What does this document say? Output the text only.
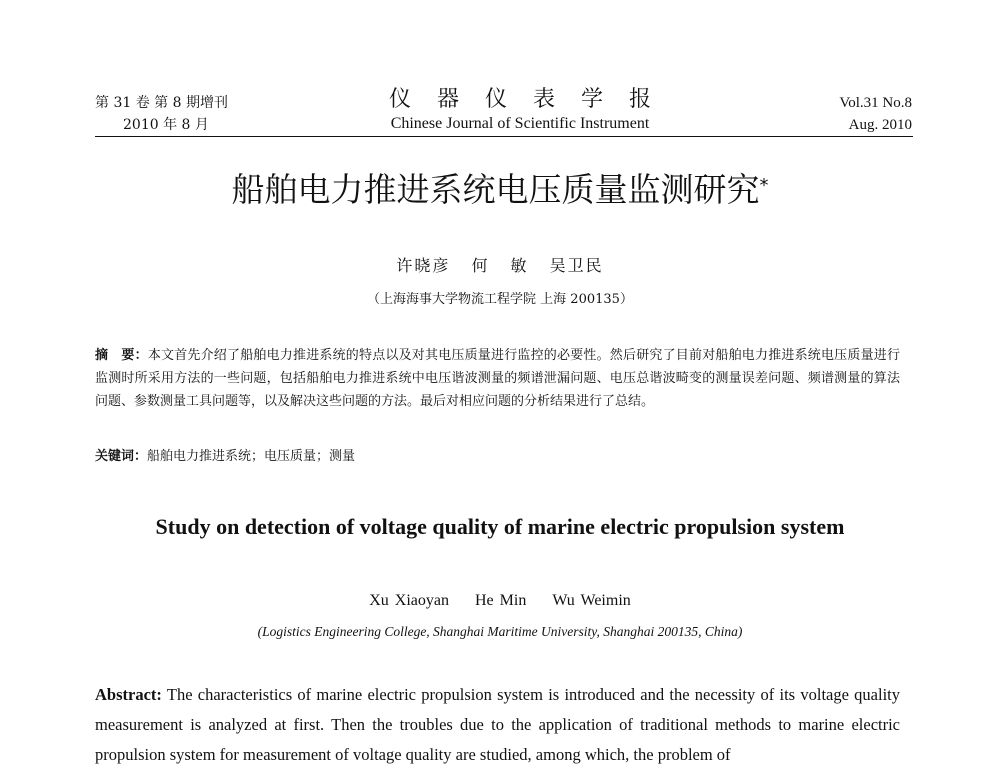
第 31 卷 第 8 期增刊
2010 年 8 月
仪器仪表学报
Chinese Journal of Scientific Instrument
Vol.31 No.8
Aug. 2010
船舶电力推进系统电压质量监测研究*
许晓彦 何 敏 吴卫民
（上海海事大学物流工程学院 上海 200135）
摘　要：本文首先介绍了船舶电力推进系统的特点以及对其电压质量进行监控的必要性。然后研究了目前对船舶电力推进系统电压质量进行监测时所采用方法的一些问题，包括船舶电力推进系统中电压谐波测量的频谱泄漏问题、电压总谐波畸变的测量误差问题、频谱测量的算法问题、参数测量工具问题等，以及解决这些问题的方法。最后对相应问题的分析结果进行了总结。
关键词：船舶电力推进系统；电压质量；测量
Study on detection of voltage quality of marine electric propulsion system
Xu Xiaoyan He Min Wu Weimin
(Logistics Engineering College, Shanghai Maritime University, Shanghai 200135, China)
Abstract: The characteristics of marine electric propulsion system is introduced and the necessity of its voltage quality measurement is analyzed at first. Then the troubles due to the application of traditional methods to marine electric propulsion system for measurement of voltage quality are studied, among which, the problem of
